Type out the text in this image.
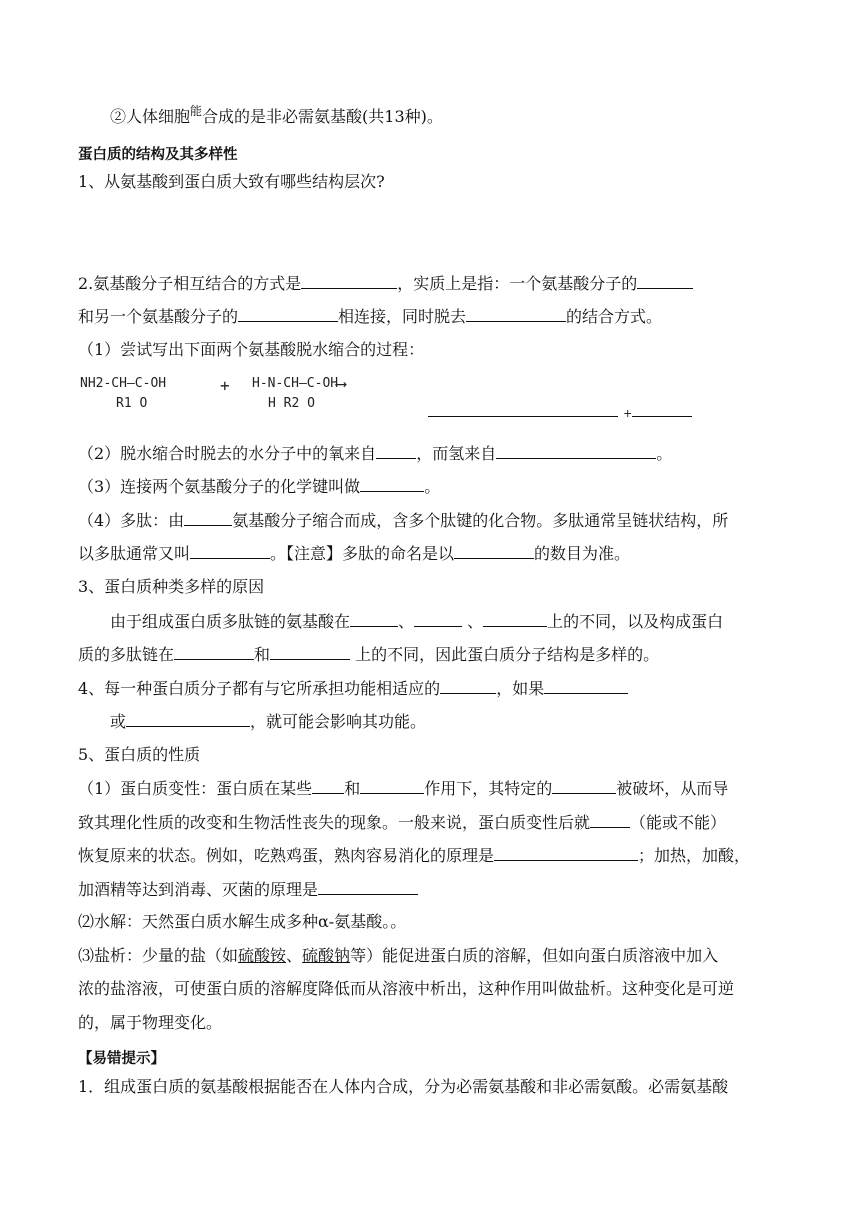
②人体细胞$^能$合成的是非必需氨基酸(共13种)。
蛋白质的结构及其多样性
1、从氨基酸到蛋白质大致有哪些结构层次?
2.氨基酸分子相互结合的方式是	，实质上是指：一个氨基酸分子的
和另一个氨基酸分子的	相连接，同时脱去	的结合方式。
（1）尝试写出下面两个氨基酸脱水缩合的过程：
NH2-CH—C-OH
R1 O
+ H-N-CH—C-OH
⟶
H R2 O
+
（2）脱水缩合时脱去的水分子中的氧来自	，而氢来自	。
（3）连接两个氨基酸分子的化学键叫做	。
（4）多肽：由	氨基酸分子缩合而成，含多个肽键的化合物。多肽通常呈链状结构，所
以多肽通常又叫	。【注意】多肽的命名是以	的数目为准。
3、蛋白质种类多样的原因
由于组成蛋白质多肽链的氨基酸在	、	、	上的不同，以及构成蛋白
质的多肽链在	和	上的不同，因此蛋白质分子结构是多样的。
4、每一种蛋白质分子都有与它所承担功能相适应的	，如果
或	，就可能会影响其功能。
5、蛋白质的性质
（1）蛋白质变性：蛋白质在某些 和	作用下，其特定的	被破坏，从而导
致其理化性质的改变和生物活性丧失的现象。一般来说，蛋白质变性后就	（能或不能）
恢复原来的状态。例如，吃熟鸡蛋，熟肉容易消化的原理是	；加热，加酸，
加酒精等达到消毒、灭菌的原理是
⑵水解：天然蛋白质水解生成多种α-氨基酸。。
⑶盐析：少量的盐（如硫酸铵、硫酸钠等）能促进蛋白质的溶解，但如向蛋白质溶液中加入
浓的盐溶液，可使蛋白质的溶解度降低而从溶液中析出，这种作用叫做盐析。这种变化是可逆
的，属于物理变化。
【易错提示】
1．组成蛋白质的氨基酸根据能否在人体内合成，分为必需氨基酸和非必需氨酸。必需氨基酸
